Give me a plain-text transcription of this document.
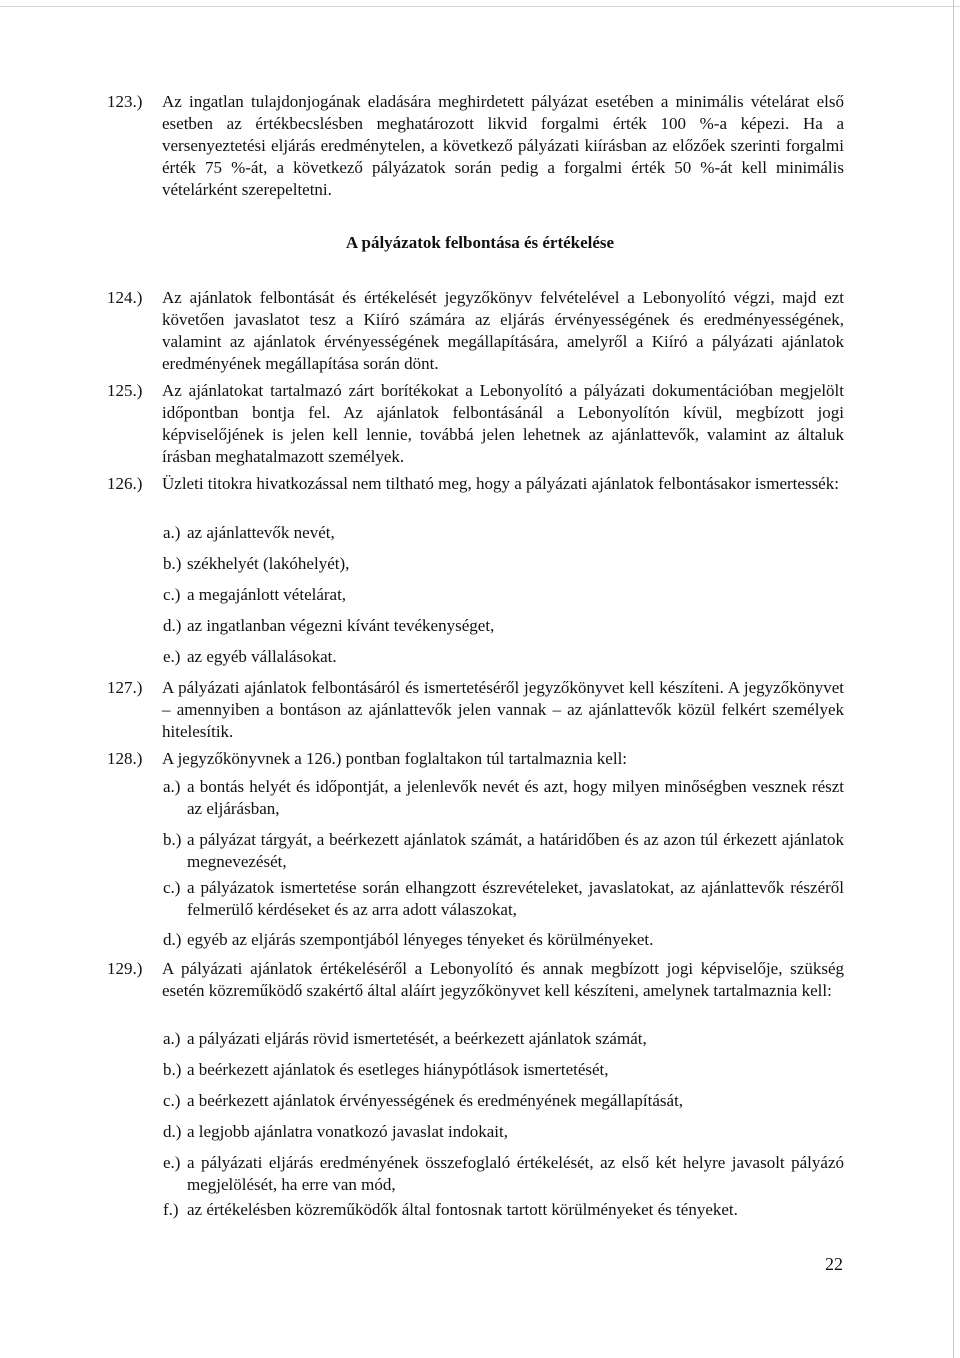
123.) Az ingatlan tulajdonjogának eladására meghirdetett pályázat esetében a minimális vételárat első esetben az értékbecslésben meghatározott likvid forgalmi érték 100 %-a képezi. Ha a versenyeztetési eljárás eredménytelen, a következő pályázati kiírásban az előzőek szerinti forgalmi érték 75 %-át, a következő pályázatok során pedig a forgalmi érték 50 %-át kell minimális vételárként szerepeltetni.
A pályázatok felbontása és értékelése
124.) Az ajánlatok felbontását és értékelését jegyzőkönyv felvételével a Lebonyolító végzi, majd ezt követően javaslatot tesz a Kiíró számára az eljárás érvényességének és eredményességének, valamint az ajánlatok érvényességének megállapítására, amelyről a Kiíró a pályázati ajánlatok eredményének megállapítása során dönt.
125.) Az ajánlatokat tartalmazó zárt borítékokat a Lebonyolító a pályázati dokumentációban megjelölt időpontban bontja fel. Az ajánlatok felbontásánál a Lebonyolítón kívül, megbízott jogi képviselőjének is jelen kell lennie, továbbá jelen lehetnek az ajánlattevők, valamint az általuk írásban meghatalmazott személyek.
126.) Üzleti titokra hivatkozással nem tiltható meg, hogy a pályázati ajánlatok felbontásakor ismertessék:
a.) az ajánlattevők nevét,
b.) székhelyét (lakóhelyét),
c.) a megajánlott vételárat,
d.) az ingatlanban végezni kívánt tevékenységet,
e.) az egyéb vállalásokat.
127.) A pályázati ajánlatok felbontásáról és ismertetéséről jegyzőkönyvet kell készíteni. A jegyzőkönyvet – amennyiben a bontáson az ajánlattevők jelen vannak – az ajánlattevők közül felkért személyek hitelesítik.
128.) A jegyzőkönyvnek a 126.) pontban foglaltakon túl tartalmaznia kell:
a.) a bontás helyét és időpontját, a jelenlevők nevét és azt, hogy milyen minőségben vesznek részt az eljárásban,
b.) a pályázat tárgyát, a beérkezett ajánlatok számát, a határidőben és az azon túl érkezett ajánlatok megnevezését,
c.) a pályázatok ismertetése során elhangzott észrevételeket, javaslatokat, az ajánlattevők részéről felmerülő kérdéseket és az arra adott válaszokat,
d.) egyéb az eljárás szempontjából lényeges tényeket és körülményeket.
129.) A pályázati ajánlatok értékeléséről a Lebonyolító és annak megbízott jogi képviselője, szükség esetén közreműködő szakértő által aláírt jegyzőkönyvet kell készíteni, amelynek tartalmaznia kell:
a.) a pályázati eljárás rövid ismertetését, a beérkezett ajánlatok számát,
b.) a beérkezett ajánlatok és esetleges hiánypótlások ismertetését,
c.) a beérkezett ajánlatok érvényességének és eredményének megállapítását,
d.) a legjobb ajánlatra vonatkozó javaslat indokait,
e.) a pályázati eljárás eredményének összefoglaló értékelését, az első két helyre javasolt pályázó megjelölését, ha erre van mód,
f.) az értékelésben közreműködők által fontosnak tartott körülményeket és tényeket.
22
